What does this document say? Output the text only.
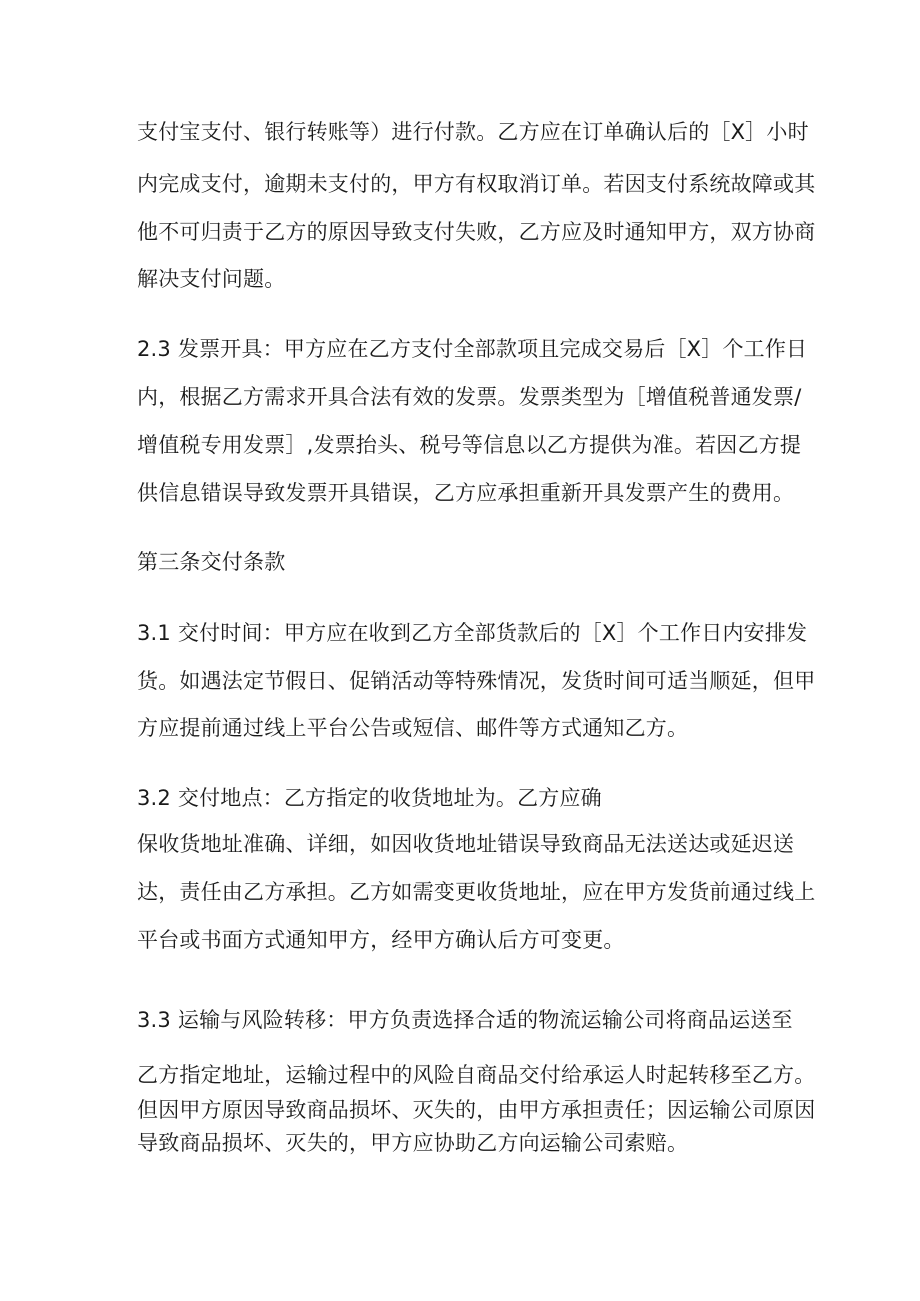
支付宝支付、银行转账等）进行付款。乙方应在订单确认后的［X］小时
内完成支付，逾期未支付的，甲方有权取消订单。若因支付系统故障或其
他不可归责于乙方的原因导致支付失败，乙方应及时通知甲方，双方协商
解决支付问题。
2.3 发票开具：甲方应在乙方支付全部款项且完成交易后［X］个工作日
内，根据乙方需求开具合法有效的发票。发票类型为［增值税普通发票/
增值税专用发票］,发票抬头、税号等信息以乙方提供为准。若因乙方提
供信息错误导致发票开具错误，乙方应承担重新开具发票产生的费用。
第三条交付条款
3.1 交付时间：甲方应在收到乙方全部货款后的［X］个工作日内安排发
货。如遇法定节假日、促销活动等特殊情况，发货时间可适当顺延，但甲
方应提前通过线上平台公告或短信、邮件等方式通知乙方。
3.2 交付地点：乙方指定的收货地址为。乙方应确
保收货地址准确、详细，如因收货地址错误导致商品无法送达或延迟送
达，责任由乙方承担。乙方如需变更收货地址，应在甲方发货前通过线上
平台或书面方式通知甲方，经甲方确认后方可变更。
3.3 运输与风险转移：甲方负责选择合适的物流运输公司将商品运送至
乙方指定地址，运输过程中的风险自商品交付给承运人时起转移至乙方。
但因甲方原因导致商品损坏、灭失的，由甲方承担责任；因运输公司原因
导致商品损坏、灭失的，甲方应协助乙方向运输公司索赔。
